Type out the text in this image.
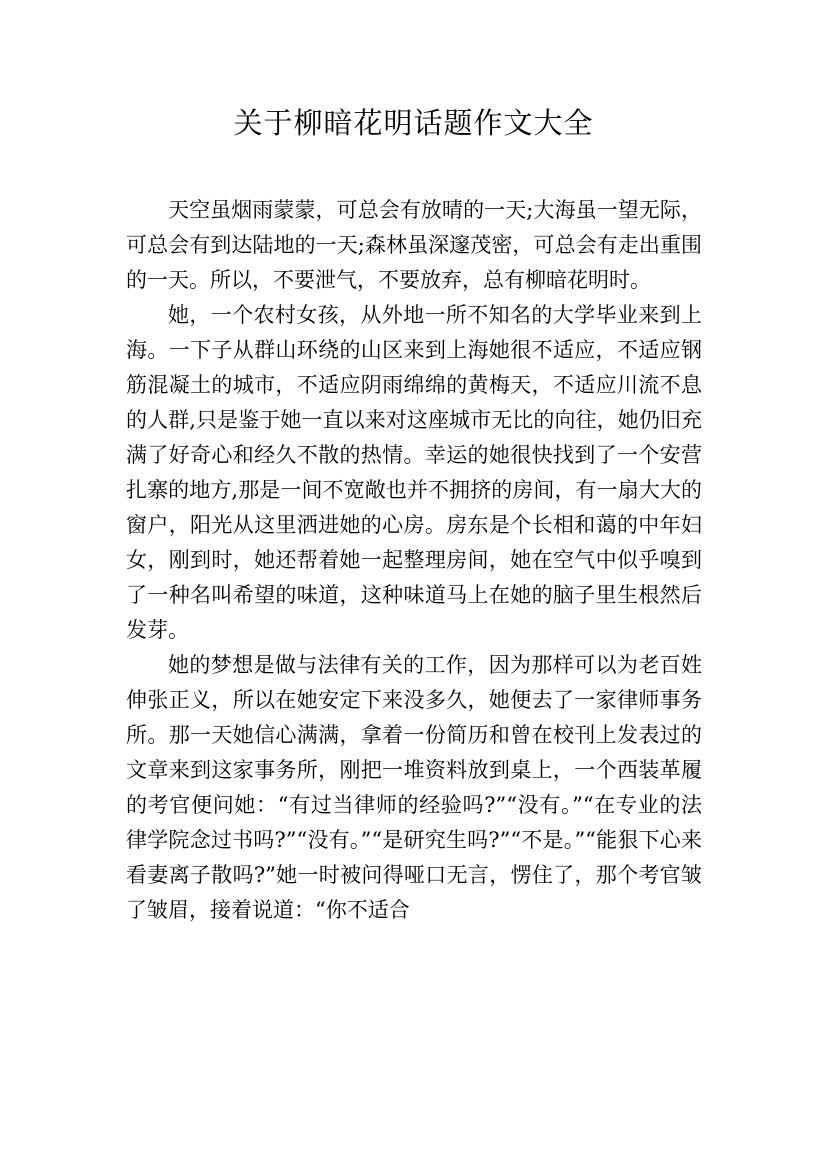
关于柳暗花明话题作文大全

天空虽烟雨蒙蒙，可总会有放晴的一天;大海虽一望无际，可总会有到达陆地的一天;森林虽深邃茂密，可总会有走出重围的一天。所以，不要泄气，不要放弃，总有柳暗花明时。

她，一个农村女孩，从外地一所不知名的大学毕业来到上海。一下子从群山环绕的山区来到上海她很不适应，不适应钢筋混凝土的城市，不适应阴雨绵绵的黄梅天，不适应川流不息的人群,只是鉴于她一直以来对这座城市无比的向往，她仍旧充满了好奇心和经久不散的热情。幸运的她很快找到了一个安营扎寨的地方,那是一间不宽敞也并不拥挤的房间，有一扇大大的窗户，阳光从这里洒进她的心房。房东是个长相和蔼的中年妇女，刚到时，她还帮着她一起整理房间，她在空气中似乎嗅到了一种名叫希望的味道，这种味道马上在她的脑子里生根然后发芽。

她的梦想是做与法律有关的工作，因为那样可以为老百姓伸张正义，所以在她安定下来没多久，她便去了一家律师事务所。那一天她信心满满，拿着一份简历和曾在校刊上发表过的文章来到这家事务所，刚把一堆资料放到桌上，一个西装革履的考官便问她：“有过当律师的经验吗?”“没有。”“在专业的法律学院念过书吗?”“没有。”“是研究生吗?”“不是。”“能狠下心来看妻离子散吗?”她一时被问得哑口无言，愣住了，那个考官皱了皱眉，接着说道：“你不适合
